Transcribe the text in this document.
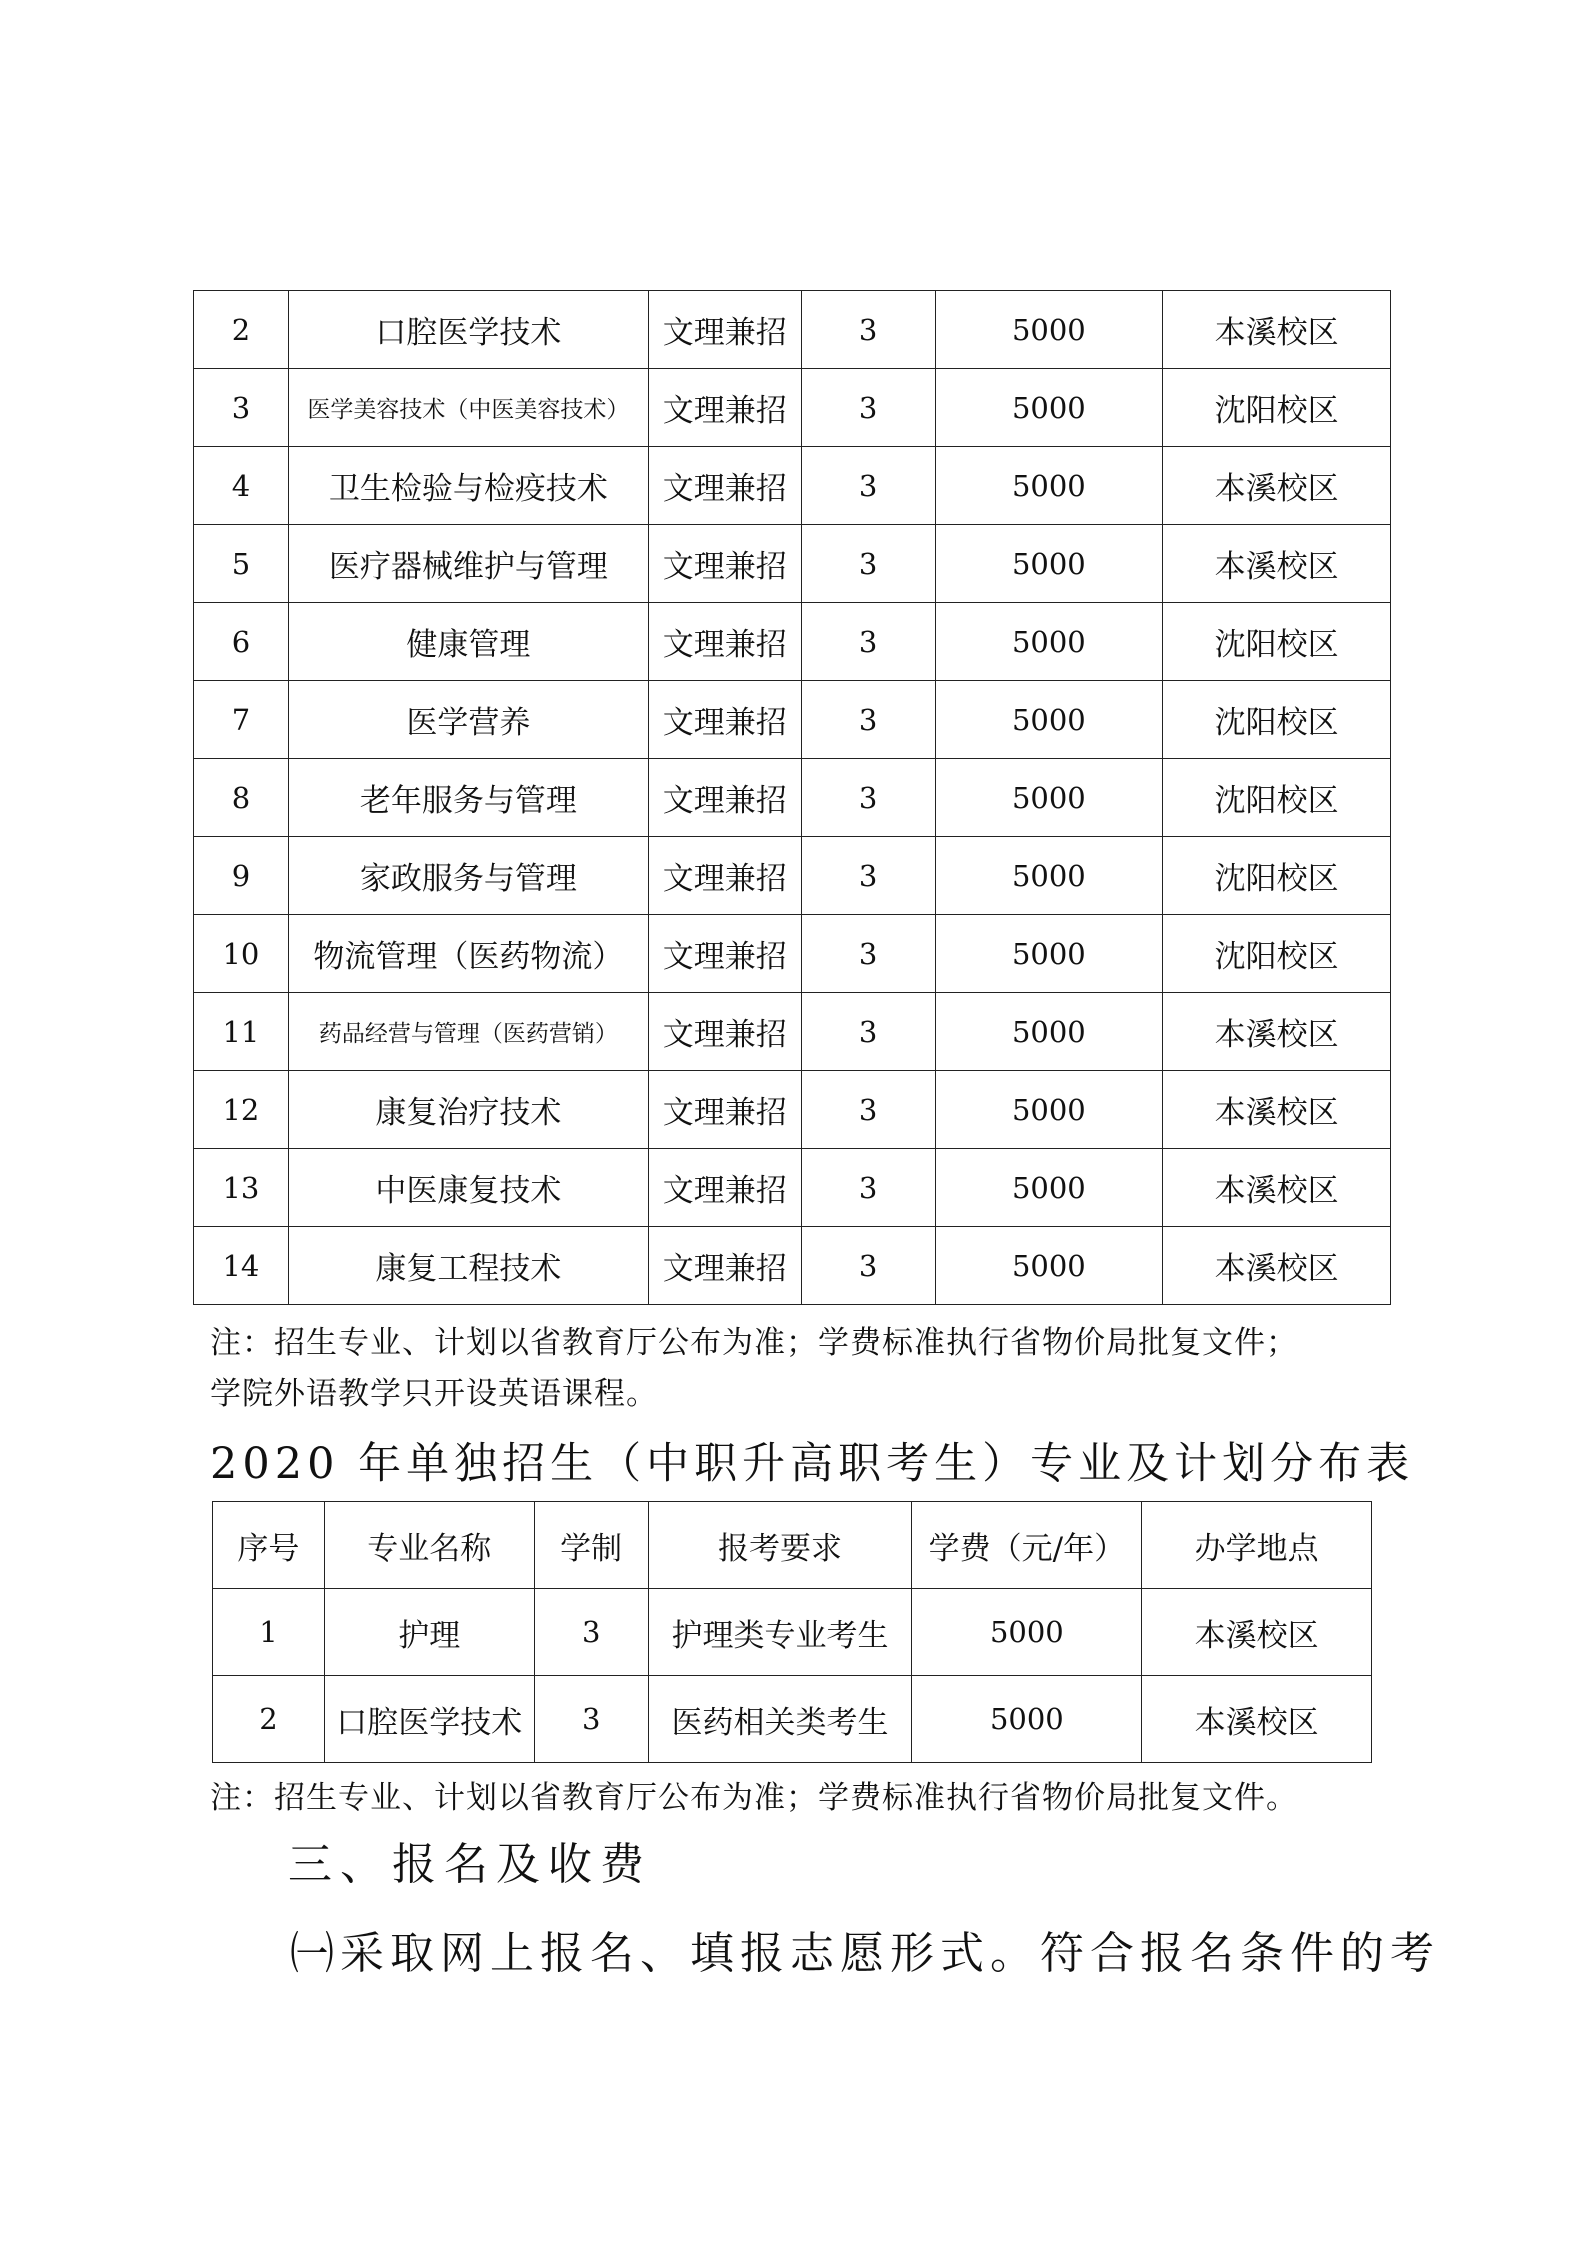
2	口腔医学技术	文理兼招	3	5000	本溪校区
3	医学美容技术（中医美容技术）	文理兼招	3	5000	沈阳校区
4	卫生检验与检疫技术	文理兼招	3	5000	本溪校区
5	医疗器械维护与管理	文理兼招	3	5000	本溪校区
6	健康管理	文理兼招	3	5000	沈阳校区
7	医学营养	文理兼招	3	5000	沈阳校区
8	老年服务与管理	文理兼招	3	5000	沈阳校区
9	家政服务与管理	文理兼招	3	5000	沈阳校区
10	物流管理（医药物流）	文理兼招	3	5000	沈阳校区
11	药品经营与管理（医药营销）	文理兼招	3	5000	本溪校区
12	康复治疗技术	文理兼招	3	5000	本溪校区
13	中医康复技术	文理兼招	3	5000	本溪校区
14	康复工程技术	文理兼招	3	5000	本溪校区
注：招生专业、计划以省教育厅公布为准；学费标准执行省物价局批复文件；
学院外语教学只开设英语课程。
2020 年单独招生（中职升高职考生）专业及计划分布表
序号	专业名称	学制	报考要求	学费（元/年）	办学地点
1	护理	3	护理类专业考生	5000	本溪校区
2	口腔医学技术	3	医药相关类考生	5000	本溪校区
注：招生专业、计划以省教育厅公布为准；学费标准执行省物价局批复文件。
三、报名及收费
㈠采取网上报名、填报志愿形式。符合报名条件的考
